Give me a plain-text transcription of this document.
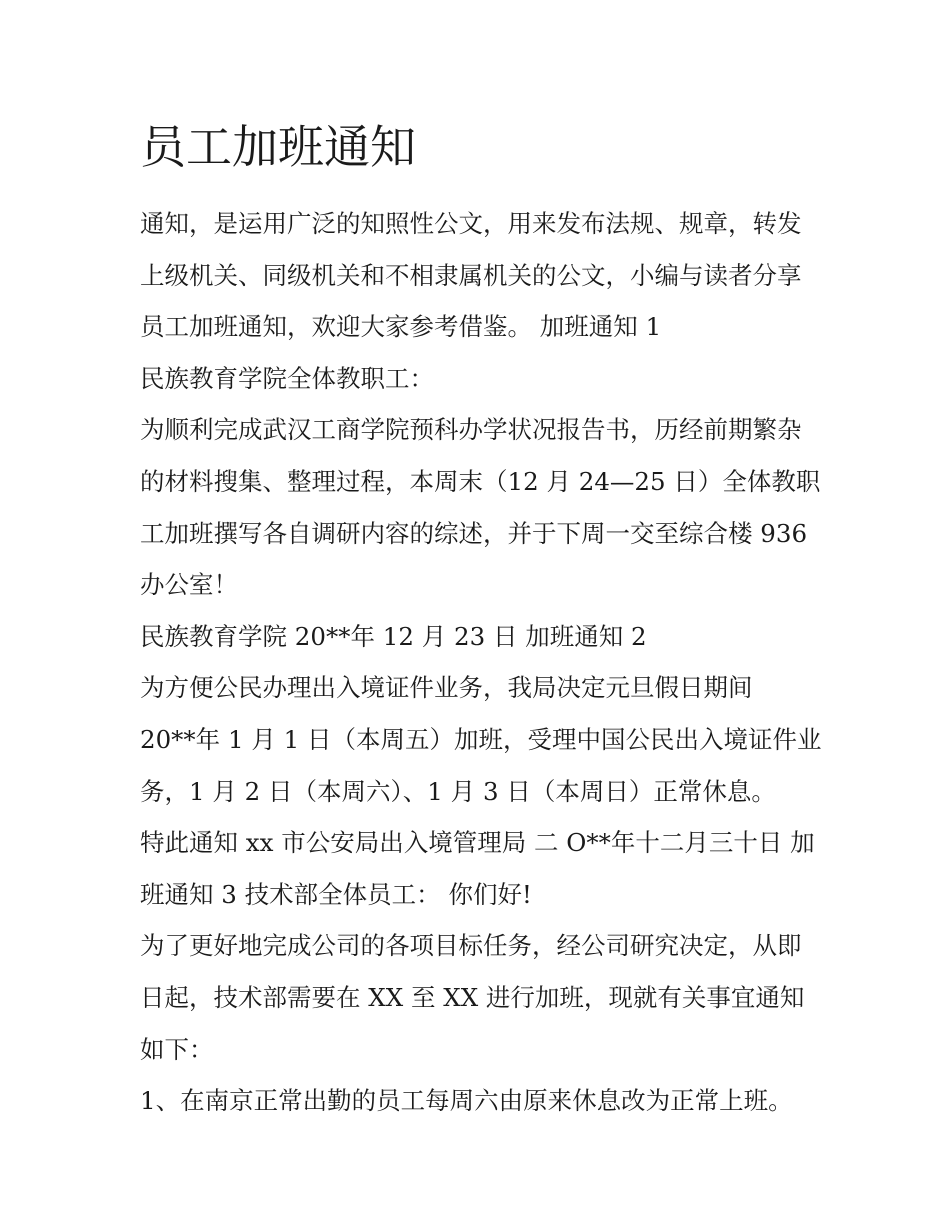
员工加班通知

通知，是运用广泛的知照性公文，用来发布法规、规章，转发

上级机关、同级机关和不相隶属机关的公文，小编与读者分享

员工加班通知，欢迎大家参考借鉴。 加班通知 1

民族教育学院全体教职工：

为顺利完成武汉工商学院预科办学状况报告书，历经前期繁杂

的材料搜集、整理过程，本周末（12 月 24—25 日）全体教职

工加班撰写各自调研内容的综述，并于下周一交至综合楼 936

办公室！

民族教育学院 20**年 12 月 23 日 加班通知 2

为方便公民办理出入境证件业务，我局决定元旦假日期间

20**年 1 月 1 日（本周五）加班，受理中国公民出入境证件业

务，1 月 2 日（本周六）、1 月 3 日（本周日）正常休息。

特此通知 xx 市公安局出入境管理局 二 O**年十二月三十日 加

班通知 3 技术部全体员工： 你们好!

为了更好地完成公司的各项目标任务，经公司研究决定，从即

日起，技术部需要在 XX 至 XX 进行加班，现就有关事宜通知

如下：

1、在南京正常出勤的员工每周六由原来休息改为正常上班。
